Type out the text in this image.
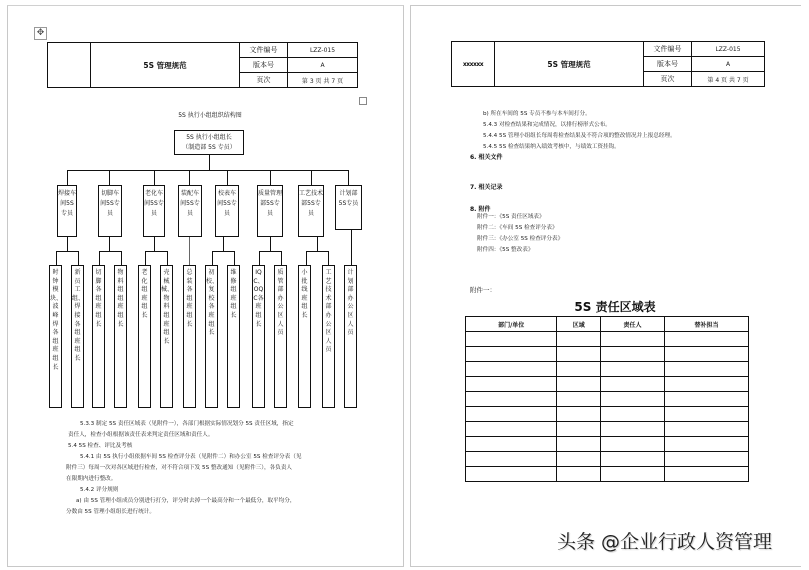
✥
	5S 管理规范	文件编号	LZZ-015
		版本号	A
		页次	第 3 页 共 7 页
5S 执行小组组织结构图
5S 执行小组组长
（制造部 5S 专员）
焊接车间5S专员
切脚车间5S专员
老化车间5S专员
装配车间5S专员
校表车间5S专员
质量管理部5S专员
工艺技术部5S专员
计划部5S专员
时钟模块、波峰焊各组班组长
新员工组、焊接各组班组长
切脚各组班组长
物料组组班组长
老化组班组长
壳械械、物料组班组长
总装各组班组长
初校、复校各班组长
维修组班组长
IQC、OQC各班组长
质管部办公区人员
小批线班组长
工艺技术部办公区人员
计划部办公区人员
5.3.3 制定 5S 责任区域表（见附件一），各部门根据实际情况划分 5S 责任区域，指定
责任人，检查小组根据该责任表来判定责任区域和责任人。
5.4 5S 检查、评比及考核
5.4.1 由 5S 执行小组依据车间 5S 检查评分表（见附件二）和办公室 5S 检查评分表（见
附件三）每周一次对各区域进行检查，对不符合项下发 5S 整改通知（见附件三），各负责人
在限期内进行整改。
5.4.2 评分规则
a) 由 5S 管理小组成员分别进行打分，评分时去掉一个最高分和一个最低分，取平均分，
分数由 5S 管理小组组长进行统计。
xxxxxx	5S 管理规范	文件编号	LZZ-015
		版本号	A
		页次	第 4 页 共 7 页
b) 所在车间的 5S 专员不参与本车间打分。
5.4.3 对检查结果和完成情况，以排行榜形式公布。
5.4.4 5S 管理小组组长每周将检查结果及不符合项的整改情况并上报总经理。
5.4.5 5S 检查结果纳入绩效考核中，与绩效工资挂钩。
6. 相关文件
7. 相关记录
8. 附件
附件一：《5S 责任区域表》
附件二：《车间 5S 检查评分表》
附件三：《办公室 5S 检查评分表》
附件四：《5S 整改表》
附件一：
5S 责任区域表
部门/单位	区域	责任人	替补担当

头条 @企业行政人资管理
